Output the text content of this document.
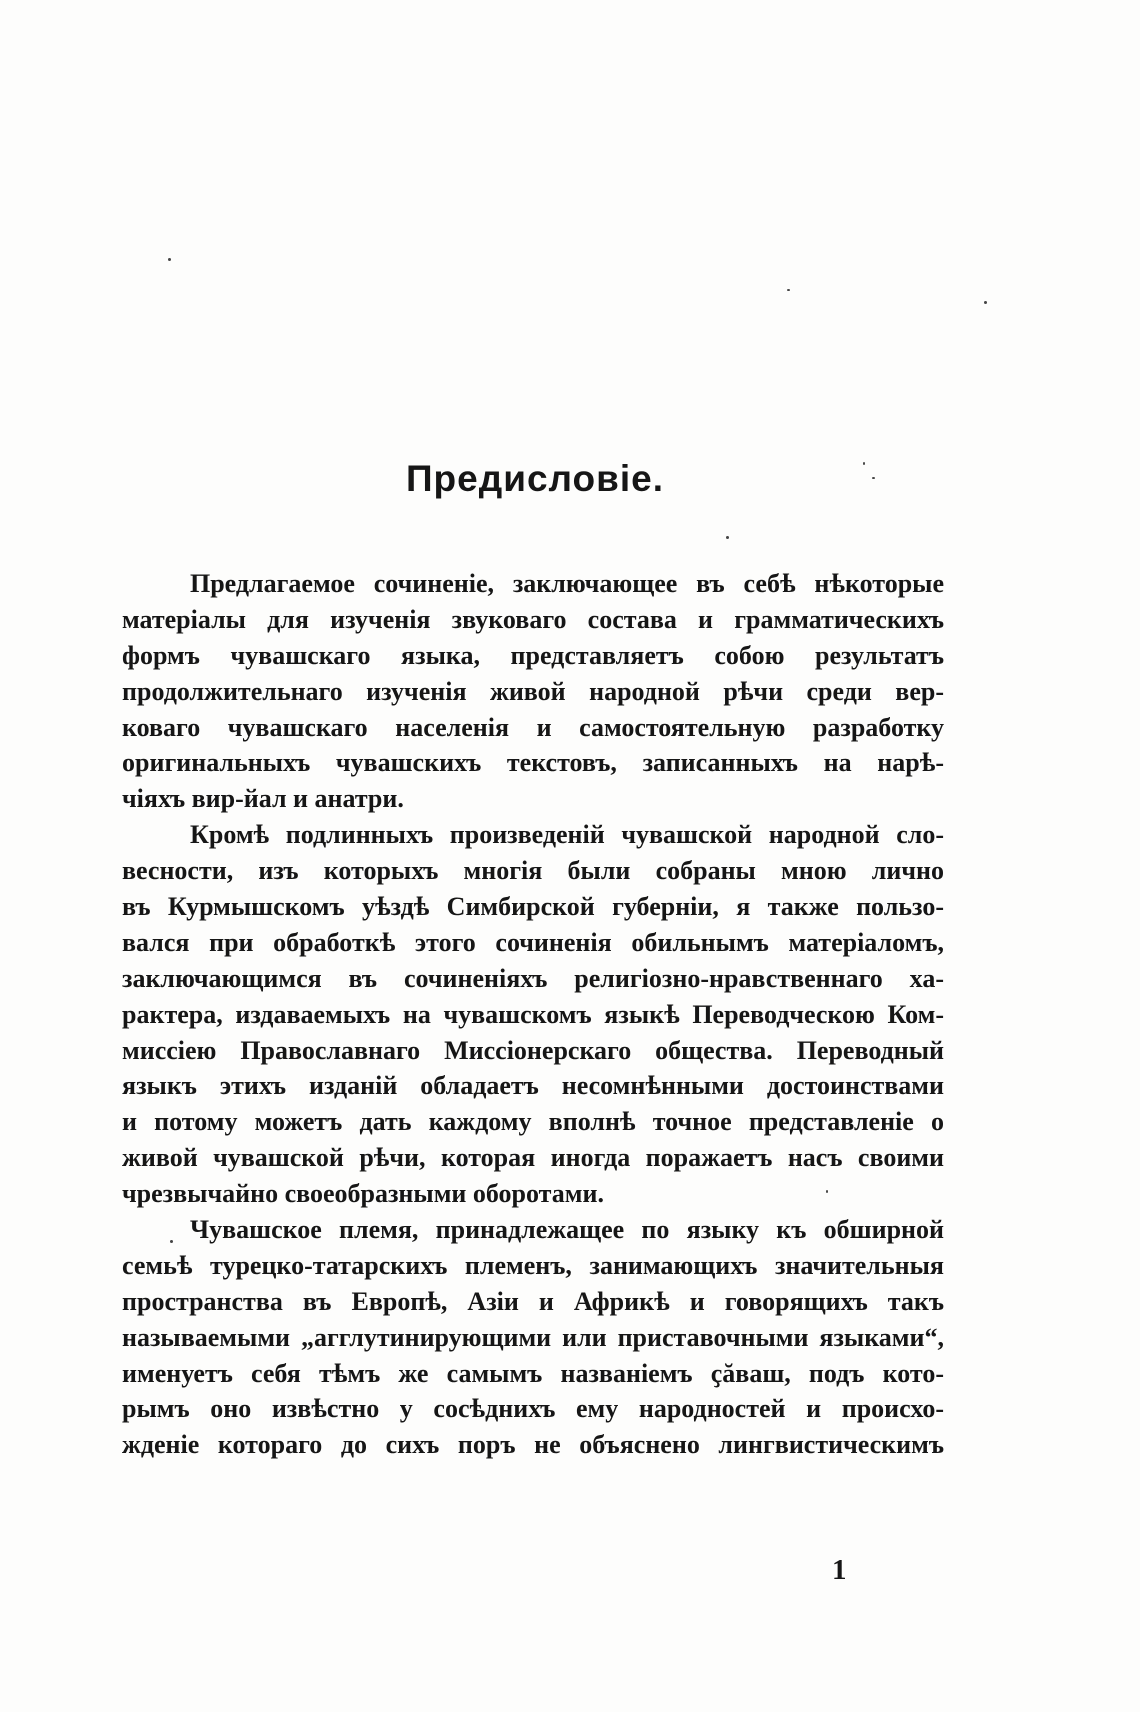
Предисловіе.
Предлагаемое сочиненіе, заключающее въ себѣ нѣкоторые
матеріалы для изученія звуковаго состава и грамматическихъ
формъ чувашскаго языка, представляетъ собою результатъ
продолжительнаго изученія живой народной рѣчи среди вер-
коваго чувашскаго населенія и самостоятельную разработку
оригинальныхъ чувашскихъ текстовъ, записанныхъ на нарѣ-
чіяхъ вир-йал и анатри.
Кромѣ подлинныхъ произведеній чувашской народной сло-
весности, изъ которыхъ многія были собраны мною лично
въ Курмышскомъ уѣздѣ Симбирской губерніи, я также пользо-
вался при обработкѣ этого сочиненія обильнымъ матеріаломъ,
заключающимся въ сочиненіяхъ религіозно-нравственнаго ха-
рактера, издаваемыхъ на чувашскомъ языкѣ Переводческою Ком-
миссіею Православнаго Миссіонерскаго общества. Переводный
языкъ этихъ изданій обладаетъ несомнѣнными достоинствами
и потому можетъ дать каждому вполнѣ точное представленіе о
живой чувашской рѣчи, которая иногда поражаетъ насъ своими
чрезвычайно своеобразными оборотами.
Чувашское племя, принадлежащее по языку къ обширной
семьѣ турецко-татарскихъ племенъ, занимающихъ значительныя
пространства въ Европѣ, Азіи и Африкѣ и говорящихъ такъ
называемыми „агглутинирующими или приставочными языками“,
именуетъ себя тѣмъ же самымъ названіемъ ҫăваш, подъ кото-
рымъ оно извѣстно у сосѣднихъ ему народностей и происхо-
жденіе котораго до сихъ поръ не объяснено лингвистическимъ
1
